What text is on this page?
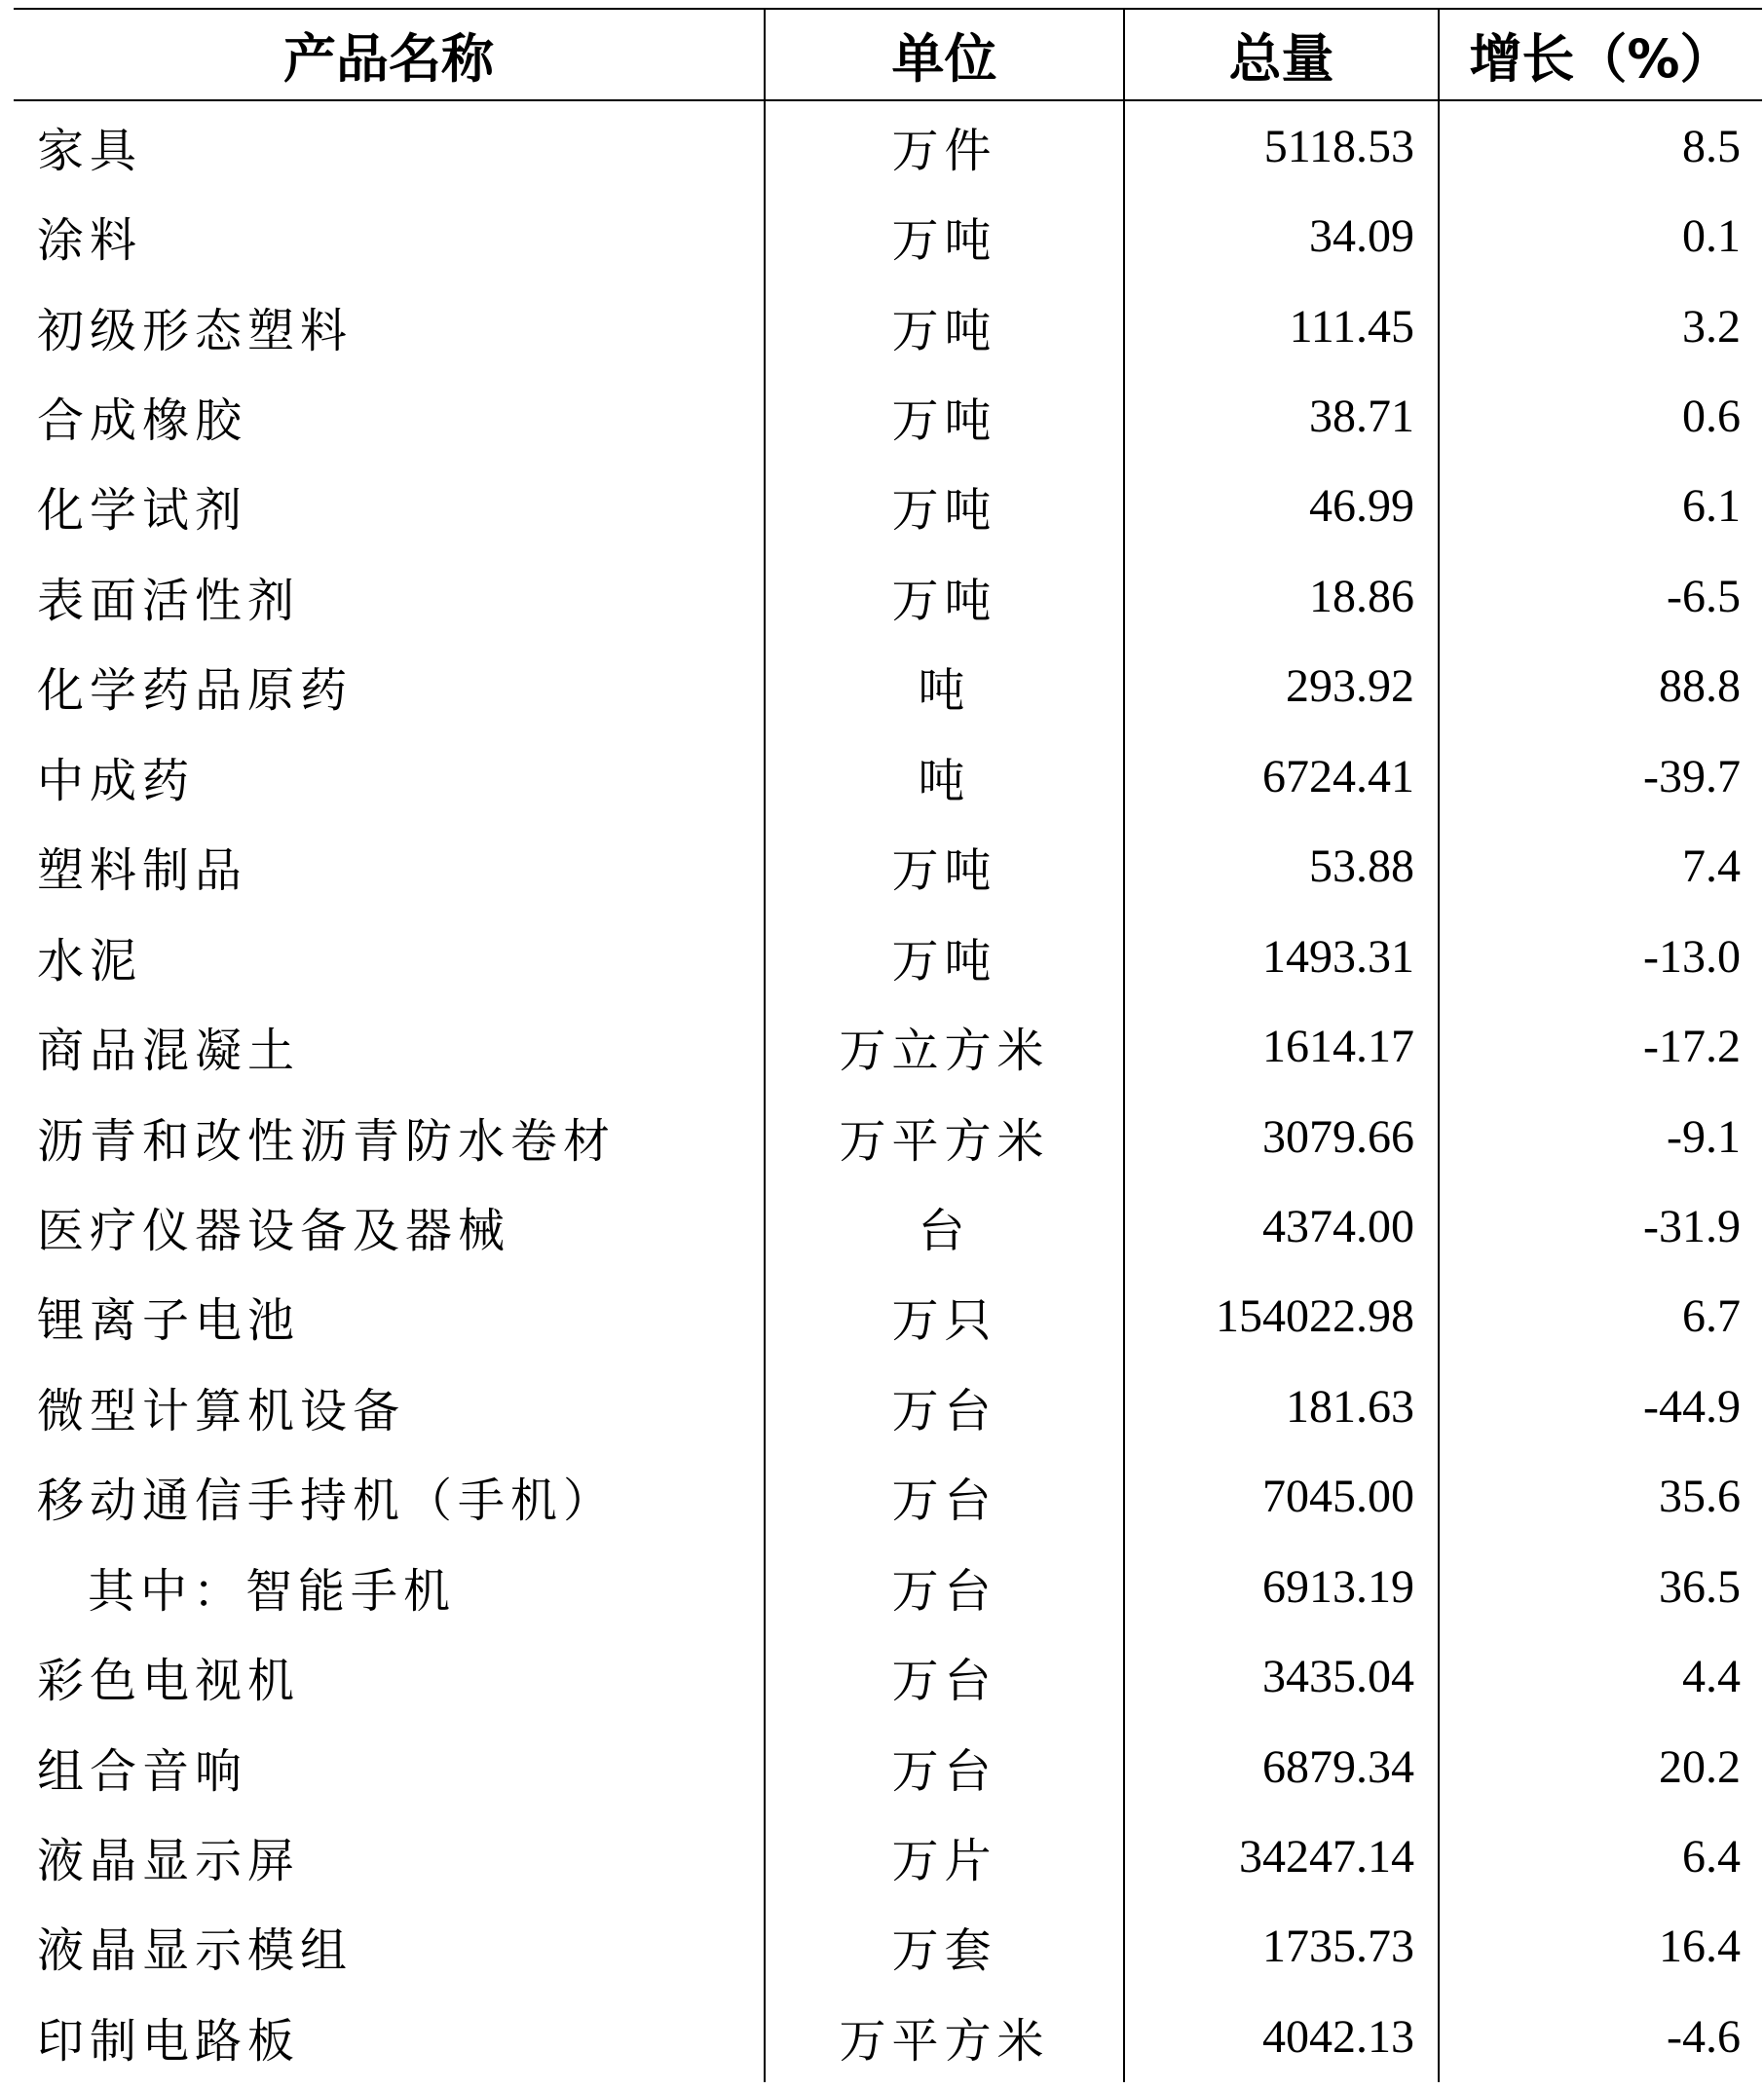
产品名称	单位	总量	增长（%）
家具	万件	5118.53	8.5
涂料	万吨	34.09	0.1
初级形态塑料	万吨	111.45	3.2
合成橡胶	万吨	38.71	0.6
化学试剂	万吨	46.99	6.1
表面活性剂	万吨	18.86	-6.5
化学药品原药	吨	293.92	88.8
中成药	吨	6724.41	-39.7
塑料制品	万吨	53.88	7.4
水泥	万吨	1493.31	-13.0
商品混凝土	万立方米	1614.17	-17.2
沥青和改性沥青防水卷材	万平方米	3079.66	-9.1
医疗仪器设备及器械	台	4374.00	-31.9
锂离子电池	万只	154022.98	6.7
微型计算机设备	万台	181.63	-44.9
移动通信手持机（手机）	万台	7045.00	35.6
其中：智能手机	万台	6913.19	36.5
彩色电视机	万台	3435.04	4.4
组合音响	万台	6879.34	20.2
液晶显示屏	万片	34247.14	6.4
液晶显示模组	万套	1735.73	16.4
印制电路板	万平方米	4042.13	-4.6
